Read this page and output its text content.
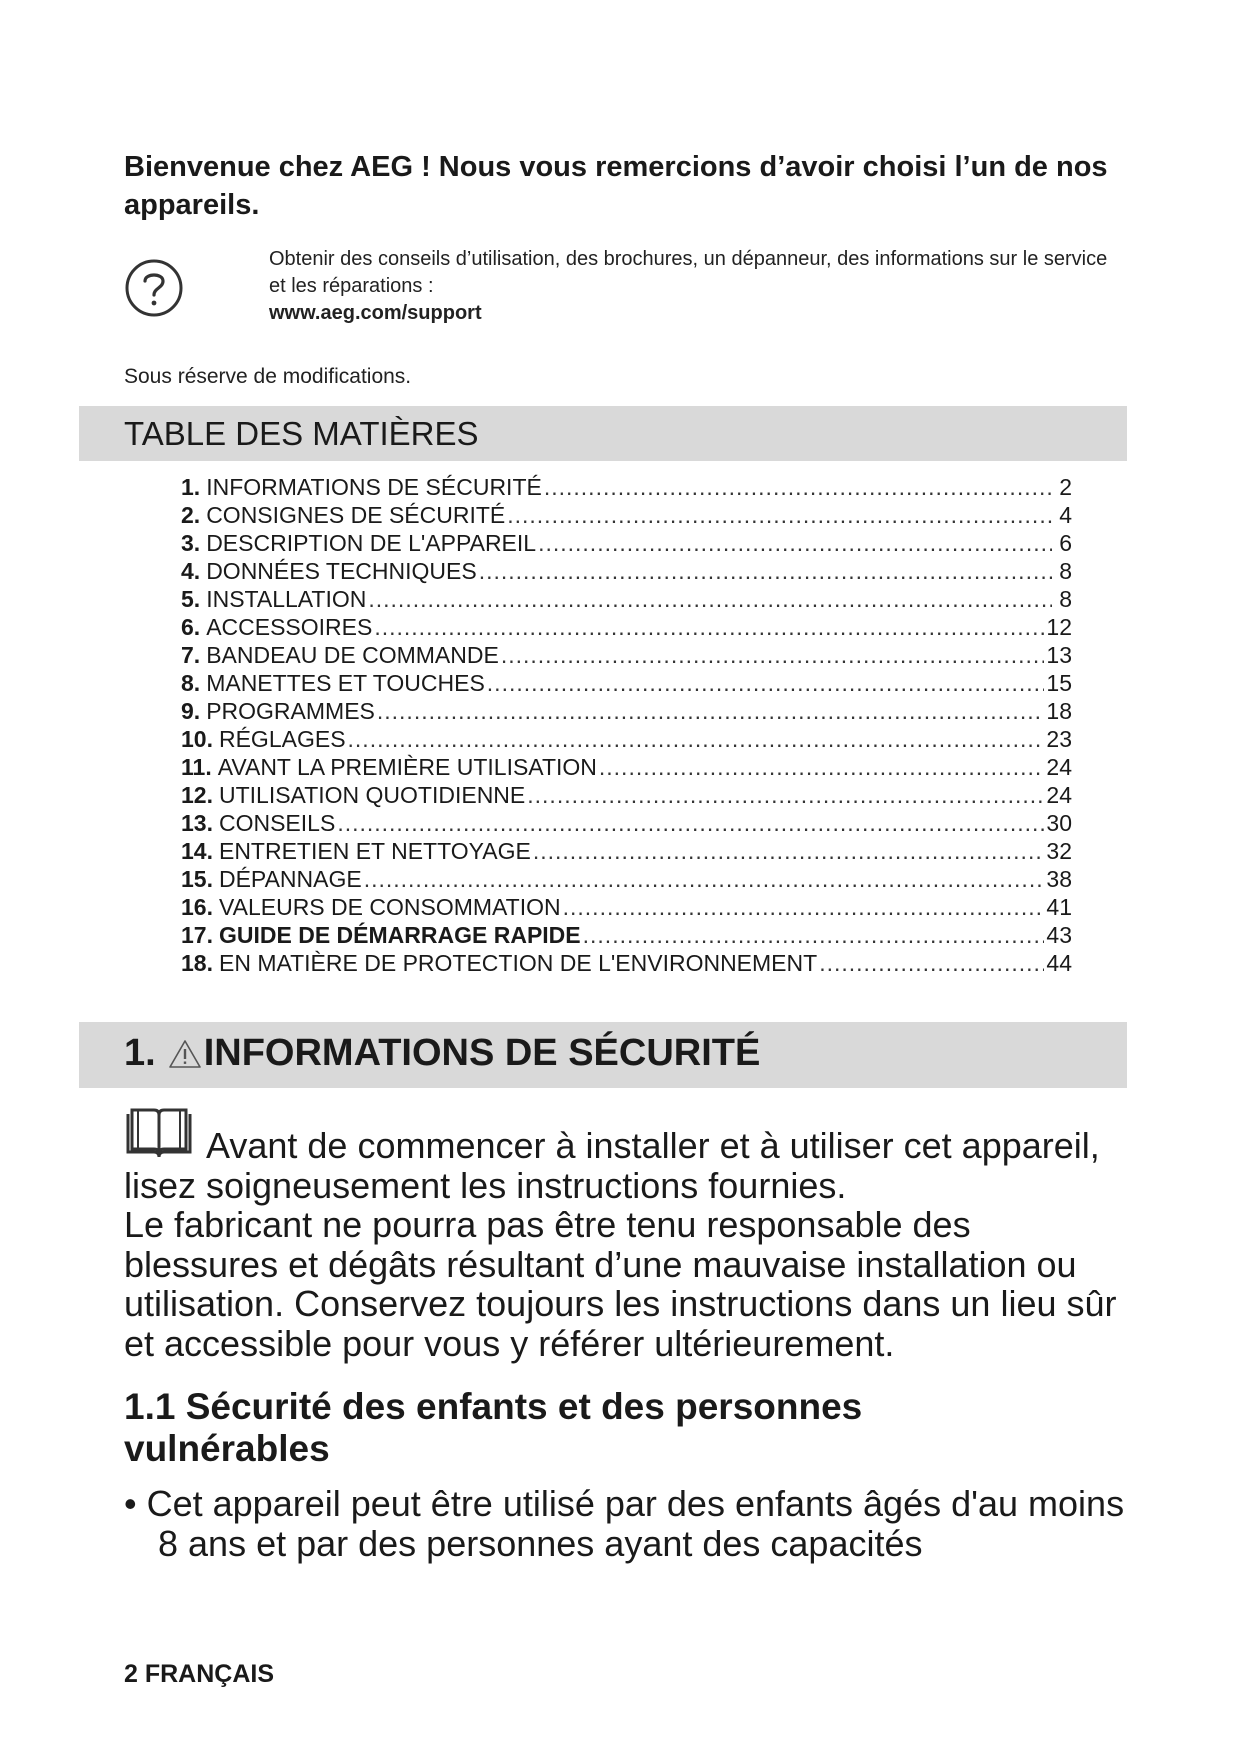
Bienvenue chez AEG ! Nous vous remercions d’avoir choisi l’un de nos appareils.
Obtenir des conseils d’utilisation, des brochures, un dépanneur, des informations sur le service et les réparations :
www.aeg.com/support

Sous réserve de modifications.

TABLE DES MATIÈRES
1. INFORMATIONS DE SÉCURITÉ .....	2
2. CONSIGNES DE SÉCURITÉ .....	4
3. DESCRIPTION DE L'APPAREIL .....	6
4. DONNÉES TECHNIQUES .....	8
5. INSTALLATION .....	8
6. ACCESSOIRES .....	12
7. BANDEAU DE COMMANDE .....	13
8. MANETTES ET TOUCHES .....	15
9. PROGRAMMES .....	18
10. RÉGLAGES .....	23
11. AVANT LA PREMIÈRE UTILISATION .....	24
12. UTILISATION QUOTIDIENNE .....	24
13. CONSEILS .....	30
14. ENTRETIEN ET NETTOYAGE .....	32
15. DÉPANNAGE .....	38
16. VALEURS DE CONSOMMATION .....	41
17. GUIDE DE DÉMARRAGE RAPIDE .....	43
18. EN MATIÈRE DE PROTECTION DE L'ENVIRONNEMENT .....	44
1. INFORMATIONS DE SÉCURITÉ

Avant de commencer à installer et à utiliser cet appareil, lisez soigneusement les instructions fournies.
Le fabricant ne pourra pas être tenu responsable des blessures et dégâts résultant d’une mauvaise installation ou utilisation. Conservez toujours les instructions dans un lieu sûr et accessible pour vous y référer ultérieurement.

1.1 Sécurité des enfants et des personnes vulnérables

• Cet appareil peut être utilisé par des enfants âgés d'au moins 8 ans et par des personnes ayant des capacités

2 FRANÇAIS
